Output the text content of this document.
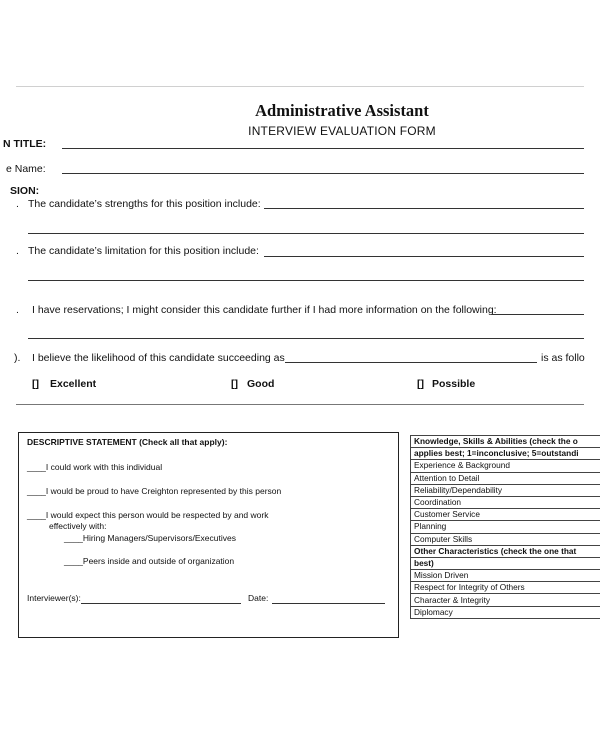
Administrative Assistant
INTERVIEW EVALUATION FORM
N TITLE:
e Name:
SION:
. The candidate’s strengths for this position include:
. The candidate’s limitation for this position include:
. I have reservations; I might consider this candidate further if I had more information on the following:
). I believe the likelihood of this candidate succeeding as	is as follo
[] Excellent	[] Good	[] Possible
DESCRIPTIVE STATEMENT (Check all that apply):
____I could work with this individual
____I would be proud to have Creighton represented by this person
____I would expect this person would be respected by and work
effectively with:
____Hiring Managers/Supervisors/Executives
____Peers inside and outside of organization
Interviewer(s):	Date:
Knowledge, Skills & Abilities (check the o
applies best; 1=inconclusive; 5=outstandi
Experience & Background
Attention to Detail
Reliability/Dependability
Coordination
Customer Service
Planning
Computer Skills
Other Characteristics (check the one that
best)
Mission Driven
Respect for Integrity of Others
Character & Integrity
Diplomacy
